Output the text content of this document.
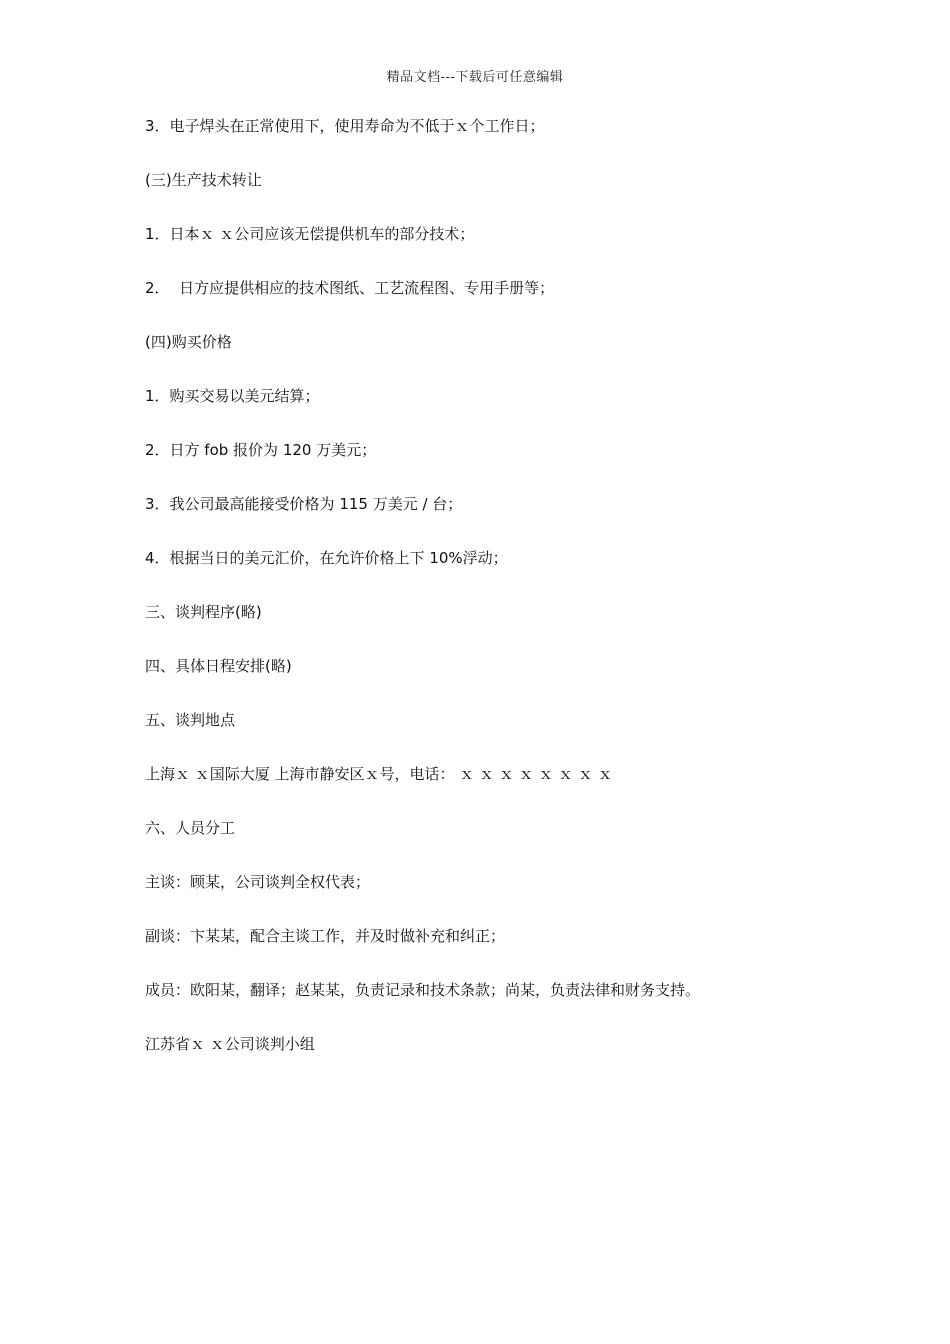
精品文档---下载后可任意编辑
3．电子焊头在正常使用下，使用寿命为不低于ｘ个工作日；
(三)生产技术转让
1．日本ｘ ｘ公司应该无偿提供机车的部分技术；
2．  日方应提供相应的技术图纸、工艺流程图、专用手册等；
(四)购买价格
1．购买交易以美元结算；
2．日方 fob 报价为 120 万美元；
3．我公司最高能接受价格为 115 万美元 / 台；
4．根据当日的美元汇价，在允许价格上下 10%浮动；
三、谈判程序(略)
四、具体日程安排(略)
五、谈判地点
上海ｘ ｘ国际大厦 上海市静安区ｘ号，电话： ｘ ｘ ｘ ｘ ｘ ｘ ｘ ｘ
六、人员分工
主谈：顾某，公司谈判全权代表；
副谈：卞某某，配合主谈工作，并及时做补充和纠正；
成员：欧阳某，翻译；赵某某，负责记录和技术条款；尚某，负责法律和财务支持。
江苏省ｘ ｘ公司谈判小组
